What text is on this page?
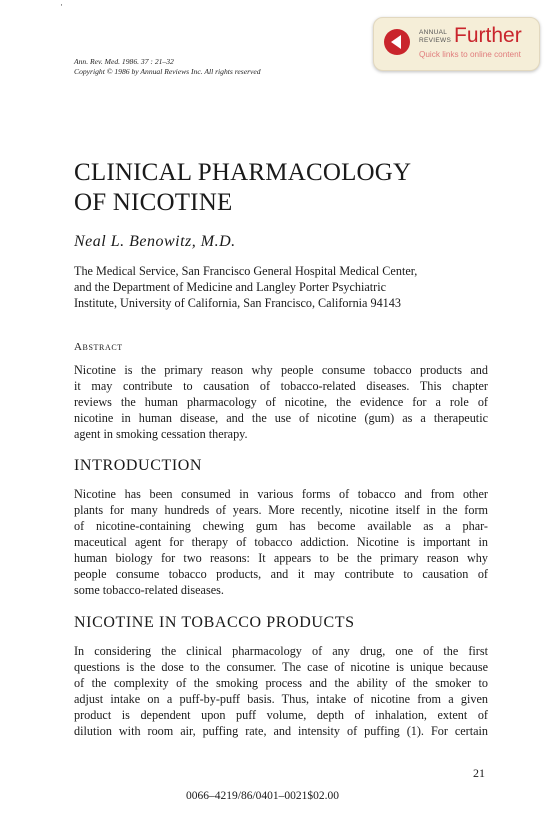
·
Ann. Rev. Med. 1986. 37 : 21–32
Copyright © 1986 by Annual Reviews Inc. All rights reserved
ANNUAL
REVIEWS Further
Quick links to online content
CLINICAL PHARMACOLOGY
OF NICOTINE
Neal L. Benowitz, M.D.
The Medical Service, San Francisco General Hospital Medical Center,
and the Department of Medicine and Langley Porter Psychiatric
Institute, University of California, San Francisco, California 94143
Abstract
Nicotine is the primary reason why people consume tobacco products and
it may contribute to causation of tobacco-related diseases. This chapter
reviews the human pharmacology of nicotine, the evidence for a role of
nicotine in human disease, and the use of nicotine (gum) as a therapeutic
agent in smoking cessation therapy.
INTRODUCTION
Nicotine has been consumed in various forms of tobacco and from other
plants for many hundreds of years. More recently, nicotine itself in the form
of nicotine-containing chewing gum has become available as a phar-
maceutical agent for therapy of tobacco addiction. Nicotine is important in
human biology for two reasons: It appears to be the primary reason why
people consume tobacco products, and it may contribute to causation of
some tobacco-related diseases.
NICOTINE IN TOBACCO PRODUCTS
In considering the clinical pharmacology of any drug, one of the first
questions is the dose to the consumer. The case of nicotine is unique because
of the complexity of the smoking process and the ability of the smoker to
adjust intake on a puff-by-puff basis. Thus, intake of nicotine from a given
product is dependent upon puff volume, depth of inhalation, extent of
dilution with room air, puffing rate, and intensity of puffing (1). For certain
21
0066–4219/86/0401–0021$02.00
